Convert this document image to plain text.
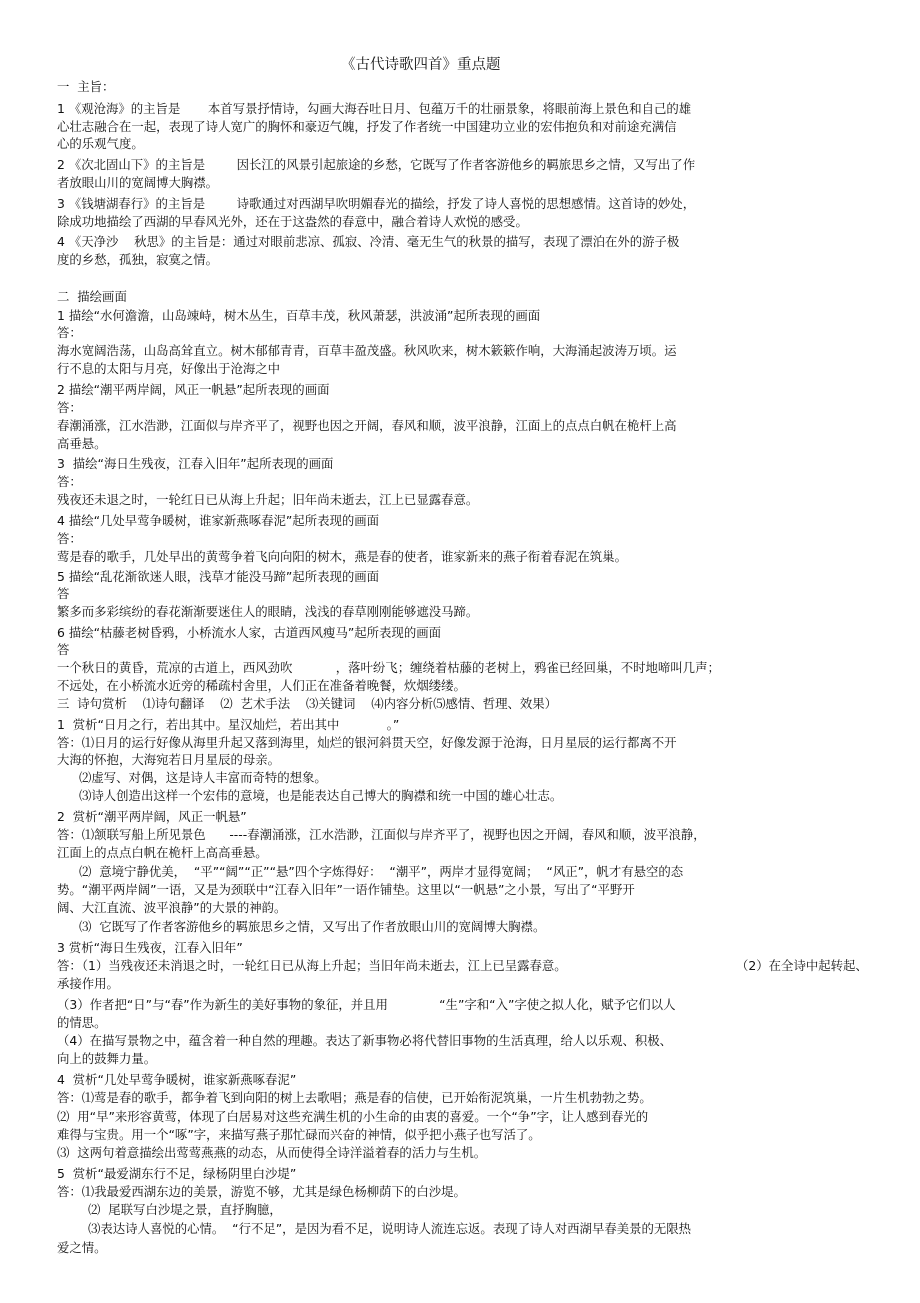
《古代诗歌四首》重点题
一  主旨：
1 《观沧海》的主旨是       本首写景抒情诗，勾画大海吞吐日月、包蕴万千的壮丽景象，将眼前海上景色和自己的雄
心壮志融合在一起，表现了诗人宽广的胸怀和豪迈气魄，抒发了作者统一中国建功立业的宏伟抱负和对前途充满信
心的乐观气度。
2 《次北固山下》的主旨是        因长江的风景引起旅途的乡愁，它既写了作者客游他乡的羁旅思乡之情，又写出了作
者放眼山川的宽阔博大胸襟。
3 《钱塘湖春行》的主旨是        诗歌通过对西湖早吹明媚春光的描绘，抒发了诗人喜悦的思想感情。这首诗的妙处，
除成功地描绘了西湖的早春风光外，还在于这盎然的春意中，融合着诗人欢悦的感受。
4 《天净沙    秋思》的主旨是：通过对眼前悲凉、孤寂、冷清、毫无生气的秋景的描写，表现了漂泊在外的游子极
度的乡愁，孤独，寂寞之情。
二  描绘画面
1 描绘“水何澹澹，山岛竦峙，树木丛生，百草丰茂，秋风萧瑟，洪波涌”起所表现的画面
答：
海水宽阔浩荡，山岛高耸直立。树木郁郁青青，百草丰盈茂盛。秋风吹来，树木簌簌作响，大海涌起波涛万顷。运
行不息的太阳与月亮，好像出于沧海之中
2 描绘“潮平两岸阔，风正一帆悬”起所表现的画面
答：
春潮涌涨，江水浩渺，江面似与岸齐平了，视野也因之开阔，春风和顺，波平浪静，江面上的点点白帆在桅杆上高
高垂悬。
3  描绘“海日生残夜，江春入旧年”起所表现的画面
答：
残夜还未退之时，一轮红日已从海上升起；旧年尚未逝去，江上已显露春意。
4 描绘“几处早莺争暖树，谁家新燕啄春泥”起所表现的画面
答：
莺是春的歌手，几处早出的黄莺争着飞向向阳的树木，燕是春的使者，谁家新来的燕子衔着春泥在筑巢。
5 描绘“乱花渐欲迷人眼，浅草才能没马蹄”起所表现的画面
答
繁多而多彩缤纷的春花渐渐要迷住人的眼睛，浅浅的春草刚刚能够遮没马蹄。
6 描绘“枯藤老树昏鸦，小桥流水人家，古道西风瘦马”起所表现的画面
答
一个秋日的黄昏，荒凉的古道上，西风劲吹           ，落叶纷飞；缠绕着枯藤的老树上，鸦雀已经回巢，不时地啼叫几声；
不远处，在小桥流水近旁的稀疏村舍里，人们正在准备着晚餐，炊烟缕缕。
三  诗句赏析    ⑴诗句翻译    ⑵  艺术手法    ⑶关键词    ⑷内容分析⑸感情、哲理、效果）
1  赏析“日月之行，若出其中。星汉灿烂，若出其中            。”
答：⑴日月的运行好像从海里升起又落到海里，灿烂的银河斜贯天空，好像发源于沧海，日月星辰的运行都离不开
大海的怀抱，大海宛若日月星辰的母亲。
⑵虚写、对偶，这是诗人丰富而奇特的想象。
⑶诗人创造出这样一个宏伟的意境，也是能表达自己博大的胸襟和统一中国的雄心壮志。
2  赏析“潮平两岸阔，风正一帆悬”
答：⑴颔联写船上所见景色      ----春潮涌涨，江水浩渺，江面似与岸齐平了，视野也因之开阔，春风和顺，波平浪静，
江面上的点点白帆在桅杆上高高垂悬。
⑵  意境宁静优美，  “平”“阔”“正”“悬”四个字炼得好：  “潮平”，两岸才显得宽阔；  “风正”，帆才有悬空的态
势。“潮平两岸阔”一语，又是为颈联中“江春入旧年”一语作铺垫。这里以“一帆悬”之小景，写出了“平野开
阔、大江直流、波平浪静”的大景的神韵。
⑶  它既写了作者客游他乡的羁旅思乡之情，又写出了作者放眼山川的宽阔博大胸襟。
3 赏析“海日生残夜，江春入旧年”
答：（1）当残夜还未消退之时，一轮红日已从海上升起；当旧年尚未逝去，江上已呈露春意。	（2）在全诗中起转起、
承接作用。
（3）作者把“日”与“春”作为新生的美好事物的象征，并且用             “生”字和“入”字使之拟人化，赋予它们以人
的情思。
（4）在描写景物之中，蕴含着一种自然的理趣。表达了新事物必将代替旧事物的生活真理，给人以乐观、积极、
向上的鼓舞力量。
4  赏析“几处早莺争暖树，谁家新燕啄春泥”
答：⑴莺是春的歌手，都争着飞到向阳的树上去歌唱；燕是春的信使，已开始衔泥筑巢，一片生机勃勃之势。
⑵  用“早”来形容黄莺，体现了白居易对这些充满生机的小生命的由衷的喜爱。一个“争”字，让人感到春光的
难得与宝贵。用一个“啄”字，来描写燕子那忙碌而兴奋的神情，似乎把小燕子也写活了。
⑶  这两句着意描绘出莺莺燕燕的动态，从而使得全诗洋溢着春的活力与生机。
5  赏析“最爱湖东行不足，绿杨阴里白沙堤”
答：⑴我最爱西湖东边的美景，游览不够，尤其是绿色杨柳荫下的白沙堤。
⑵  尾联写白沙堤之景，直抒胸臆，
⑶表达诗人喜悦的心情。  “行不足”，是因为看不足，说明诗人流连忘返。表现了诗人对西湖早春美景的无限热
爱之情。
